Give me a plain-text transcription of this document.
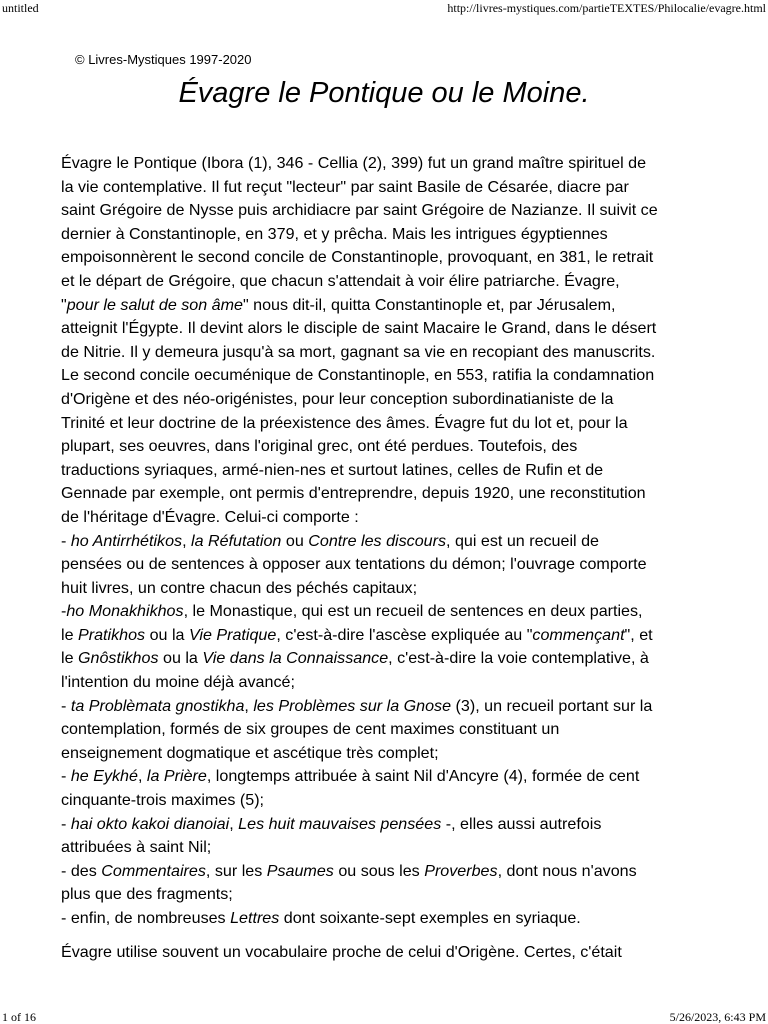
untitled	http://livres-mystiques.com/partieTEXTES/Philocalie/evagre.html
© Livres-Mystiques 1997-2020
Évagre le Pontique ou le Moine.

Évagre le Pontique (Ibora (1), 346 - Cellia (2), 399) fut un grand maître spirituel de
la vie contemplative. Il fut reçut "lecteur" par saint Basile de Césarée, diacre par
saint Grégoire de Nysse puis archidiacre par saint Grégoire de Nazianze. Il suivit ce
dernier à Constantinople, en 379, et y prêcha. Mais les intrigues égyptiennes
empoisonnèrent le second concile de Constantinople, provoquant, en 381, le retrait
et le départ de Grégoire, que chacun s'attendait à voir élire patriarche. Évagre,
"pour le salut de son âme" nous dit-il, quitta Constantinople et, par Jérusalem,
atteignit l'Égypte. Il devint alors le disciple de saint Macaire le Grand, dans le désert
de Nitrie. Il y demeura jusqu'à sa mort, gagnant sa vie en recopiant des manuscrits.
Le second concile oecuménique de Constantinople, en 553, ratifia la condamnation
d'Origène et des néo-origénistes, pour leur conception subordinatianiste de la
Trinité et leur doctrine de la préexistence des âmes. Évagre fut du lot et, pour la
plupart, ses oeuvres, dans l'original grec, ont été perdues. Toutefois, des
traductions syriaques, armé-nien-nes et surtout latines, celles de Rufin et de
Gennade par exemple, ont permis d'entreprendre, depuis 1920, une reconstitution
de l'héritage d'Évagre. Celui-ci comporte :
- ho Antirrhétikos, la Réfutation ou Contre les discours, qui est un recueil de
pensées ou de sentences à opposer aux tentations du démon; l'ouvrage comporte
huit livres, un contre chacun des péchés capitaux;
-ho Monakhikhos, le Monastique, qui est un recueil de sentences en deux parties,
le Pratikhos ou la Vie Pratique, c'est-à-dire l'ascèse expliquée au "commençant", et
le Gnôstikhos ou la Vie dans la Connaissance, c'est-à-dire la voie contemplative, à
l'intention du moine déjà avancé;
- ta Problèmata gnostikha, les Problèmes sur la Gnose (3), un recueil portant sur la
contemplation, formés de six groupes de cent maximes constituant un
enseignement dogmatique et ascétique très complet;
- he Eykhé, la Prière, longtemps attribuée à saint Nil d'Ancyre (4), formée de cent
cinquante-trois maximes (5);
- hai okto kakoi dianoiai, Les huit mauvaises pensées -, elles aussi autrefois
attribuées à saint Nil;
- des Commentaires, sur les Psaumes ou sous les Proverbes, dont nous n'avons
plus que des fragments;
- enfin, de nombreuses Lettres dont soixante-sept exemples en syriaque.

Évagre utilise souvent un vocabulaire proche de celui d'Origène. Certes, c'était

1 of 16	5/26/2023, 6:43 PM
